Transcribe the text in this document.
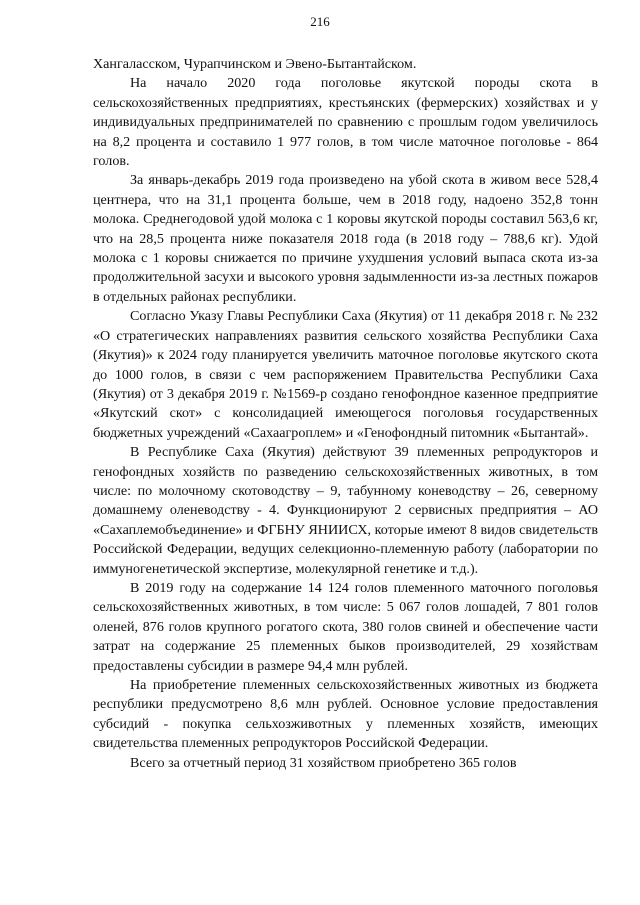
216

Хангаласском, Чурапчинском и Эвено-Бытантайском.

На начало 2020 года поголовье якутской породы скота в сельскохозяйственных предприятиях, крестьянских (фермерских) хозяйствах и у индивидуальных предпринимателей по сравнению с прошлым годом увеличилось на 8,2 процента и составило 1 977 голов, в том числе маточное поголовье - 864 голов.

За январь-декабрь 2019 года произведено на убой скота в живом весе 528,4 центнера, что на 31,1 процента больше, чем в 2018 году, надоено 352,8 тонн молока. Среднегодовой удой молока с 1 коровы якутской породы составил 563,6 кг, что на 28,5 процента ниже показателя 2018 года (в 2018 году – 788,6 кг). Удой молока с 1 коровы снижается по причине ухудшения условий выпаса скота из-за продолжительной засухи и высокого уровня задымленности из-за лестных пожаров в отдельных районах республики.

Согласно Указу Главы Республики Саха (Якутия) от 11 декабря 2018 г. № 232 «О стратегических направлениях развития сельского хозяйства Республики Саха (Якутия)» к 2024 году планируется увеличить маточное поголовье якутского скота до 1000 голов, в связи с чем распоряжением Правительства Республики Саха (Якутия) от 3 декабря 2019 г. №1569-р создано генофондное казенное предприятие «Якутский скот» с консолидацией имеющегося поголовья государственных бюджетных учреждений «Сахаагроплем» и «Генофондный питомник «Бытантай».

В Республике Саха (Якутия) действуют 39 племенных репродукторов и генофондных хозяйств по разведению сельскохозяйственных животных, в том числе: по молочному скотоводству – 9, табунному коневодству – 26, северному домашнему оленеводству - 4. Функционируют 2 сервисных предприятия – АО «Сахаплемобъединение» и ФГБНУ ЯНИИСХ, которые имеют 8 видов свидетельств Российской Федерации, ведущих селекционно-племенную работу (лаборатории по иммуногенетической экспертизе, молекулярной генетике и т.д.).

В 2019 году на содержание 14 124 голов племенного маточного поголовья сельскохозяйственных животных, в том числе: 5 067 голов лошадей, 7 801 голов оленей, 876 голов крупного рогатого скота, 380 голов свиней и обеспечение части затрат на содержание 25 племенных быков производителей, 29 хозяйствам предоставлены субсидии в размере 94,4 млн рублей.

На приобретение племенных сельскохозяйственных животных из бюджета республики предусмотрено 8,6 млн рублей. Основное условие предоставления субсидий - покупка сельхозживотных у племенных хозяйств, имеющих свидетельства племенных репродукторов Российской Федерации.

Всего за отчетный период 31 хозяйством приобретено 365 голов
